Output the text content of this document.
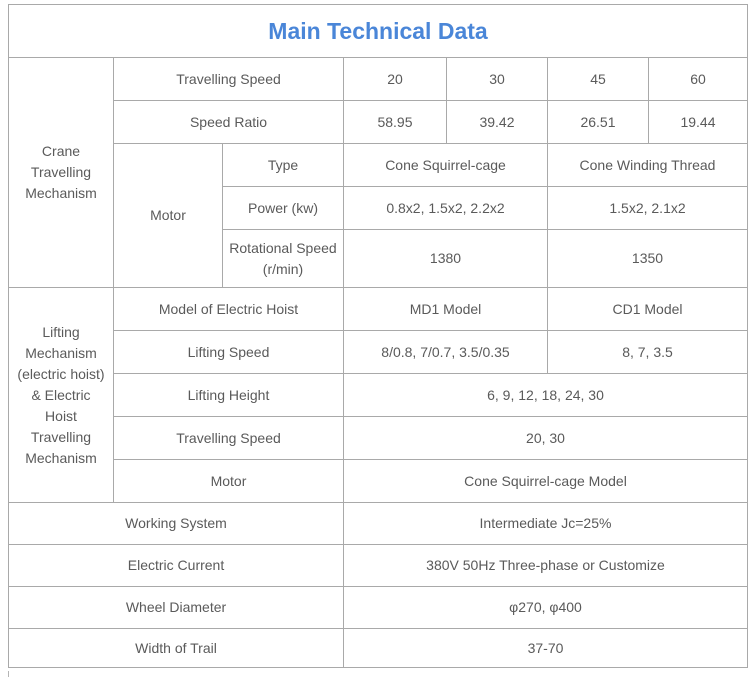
Main Technical Data						
Crane Travelling Mechanism	Travelling Speed		20	30	45	60
	Speed Ratio		58.95	39.42	26.51	19.44
	Motor	Type	Cone Squirrel-cage		Cone Winding Thread	
		Power (kw)	0.8x2, 1.5x2, 2.2x2		1.5x2, 2.1x2	
		Rotational Speed (r/min)	1380		1350	
Lifting Mechanism (electric hoist) & Electric Hoist Travelling Mechanism	Model of Electric Hoist		MD1 Model		CD1 Model	
	Lifting Speed		8/0.8, 7/0.7, 3.5/0.35		8, 7, 3.5	
	Lifting Height		6, 9, 12, 18, 24, 30			
	Travelling Speed		20, 30			
	Motor		Cone Squirrel-cage Model			
Working System			Intermediate Jc=25%			
Electric Current			380V 50Hz Three-phase or Customize			
Wheel Diameter			φ270, φ400			
Width of Trail			37-70			
